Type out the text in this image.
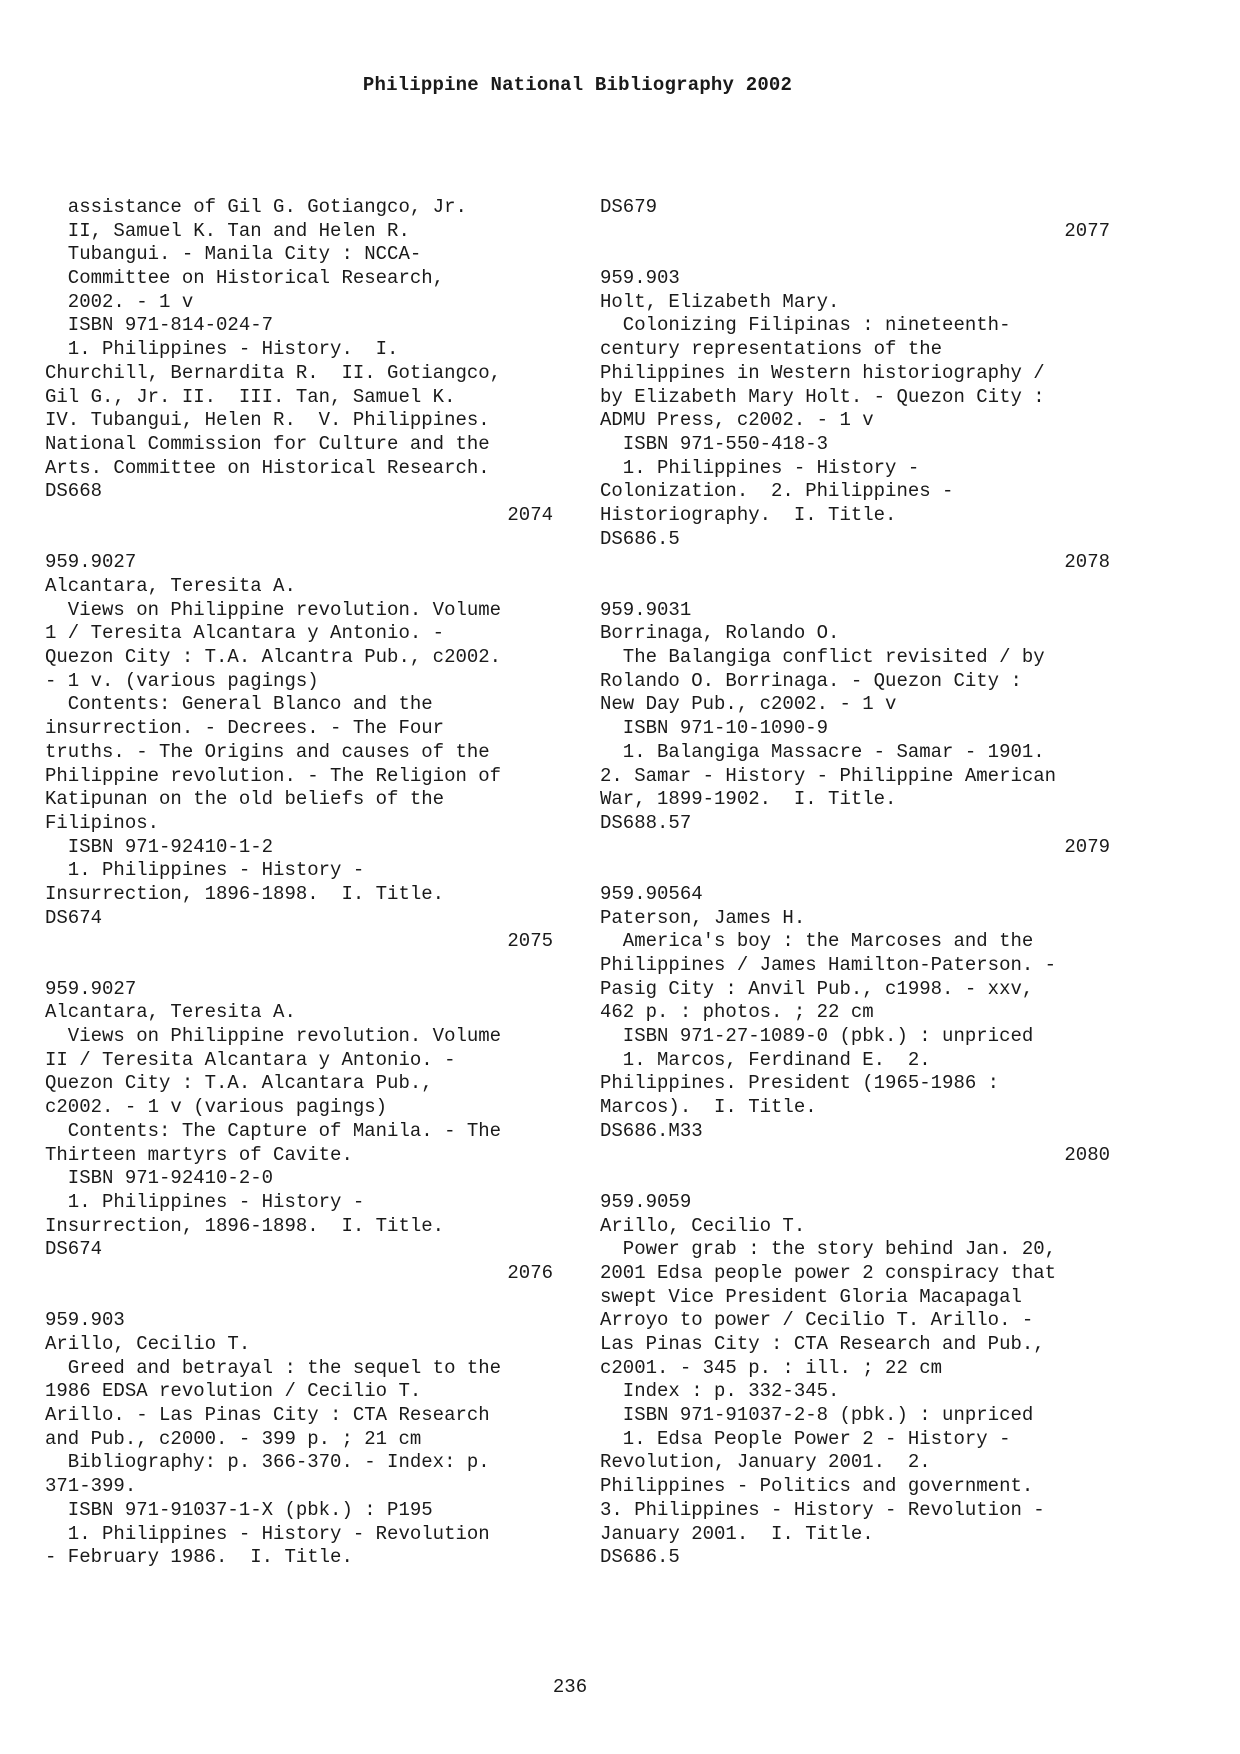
Philippine National Bibliography 2002
assistance of Gil G. Gotiangco, Jr.
II, Samuel K. Tan and Helen R.
Tubangui. - Manila City : NCCA-
Committee on Historical Research,
2002. - 1 v
ISBN 971-814-024-7
1. Philippines - History.  I.
Churchill, Bernardita R.  II. Gotiangco,
Gil G., Jr. II.  III. Tan, Samuel K.
IV. Tubangui, Helen R.  V. Philippines.
National Commission for Culture and the
Arts. Committee on Historical Research.
DS668
2074
959.9027
Alcantara, Teresita A.
Views on Philippine revolution. Volume
1 / Teresita Alcantara y Antonio. -
Quezon City : T.A. Alcantra Pub., c2002.
- 1 v. (various pagings)
Contents: General Blanco and the
insurrection. - Decrees. - The Four
truths. - The Origins and causes of the
Philippine revolution. - The Religion of
Katipunan on the old beliefs of the
Filipinos.
ISBN 971-92410-1-2
1. Philippines - History -
Insurrection, 1896-1898.  I. Title.
DS674
2075
959.9027
Alcantara, Teresita A.
Views on Philippine revolution. Volume
II / Teresita Alcantara y Antonio. -
Quezon City : T.A. Alcantara Pub.,
c2002. - 1 v (various pagings)
Contents: The Capture of Manila. - The
Thirteen martyrs of Cavite.
ISBN 971-92410-2-0
1. Philippines - History -
Insurrection, 1896-1898.  I. Title.
DS674
2076
959.903
Arillo, Cecilio T.
Greed and betrayal : the sequel to the
1986 EDSA revolution / Cecilio T.
Arillo. - Las Pinas City : CTA Research
and Pub., c2000. - 399 p. ; 21 cm
Bibliography: p. 366-370. - Index: p.
371-399.
ISBN 971-91037-1-X (pbk.) : P195
1. Philippines - History - Revolution
- February 1986.  I. Title.
DS679
2077
959.903
Holt, Elizabeth Mary.
Colonizing Filipinas : nineteenth-
century representations of the
Philippines in Western historiography /
by Elizabeth Mary Holt. - Quezon City :
ADMU Press, c2002. - 1 v
ISBN 971-550-418-3
1. Philippines - History -
Colonization.  2. Philippines -
Historiography.  I. Title.
DS686.5
2078
959.9031
Borrinaga, Rolando O.
The Balangiga conflict revisited / by
Rolando O. Borrinaga. - Quezon City :
New Day Pub., c2002. - 1 v
ISBN 971-10-1090-9
1. Balangiga Massacre - Samar - 1901.
2. Samar - History - Philippine American
War, 1899-1902.  I. Title.
DS688.57
2079
959.90564
Paterson, James H.
America's boy : the Marcoses and the
Philippines / James Hamilton-Paterson. -
Pasig City : Anvil Pub., c1998. - xxv,
462 p. : photos. ; 22 cm
ISBN 971-27-1089-0 (pbk.) : unpriced
1. Marcos, Ferdinand E.  2.
Philippines. President (1965-1986 :
Marcos).  I. Title.
DS686.M33
2080
959.9059
Arillo, Cecilio T.
Power grab : the story behind Jan. 20,
2001 Edsa people power 2 conspiracy that
swept Vice President Gloria Macapagal
Arroyo to power / Cecilio T. Arillo. -
Las Pinas City : CTA Research and Pub.,
c2001. - 345 p. : ill. ; 22 cm
Index : p. 332-345.
ISBN 971-91037-2-8 (pbk.) : unpriced
1. Edsa People Power 2 - History -
Revolution, January 2001.  2.
Philippines - Politics and government.
3. Philippines - History - Revolution -
January 2001.  I. Title.
DS686.5
236
